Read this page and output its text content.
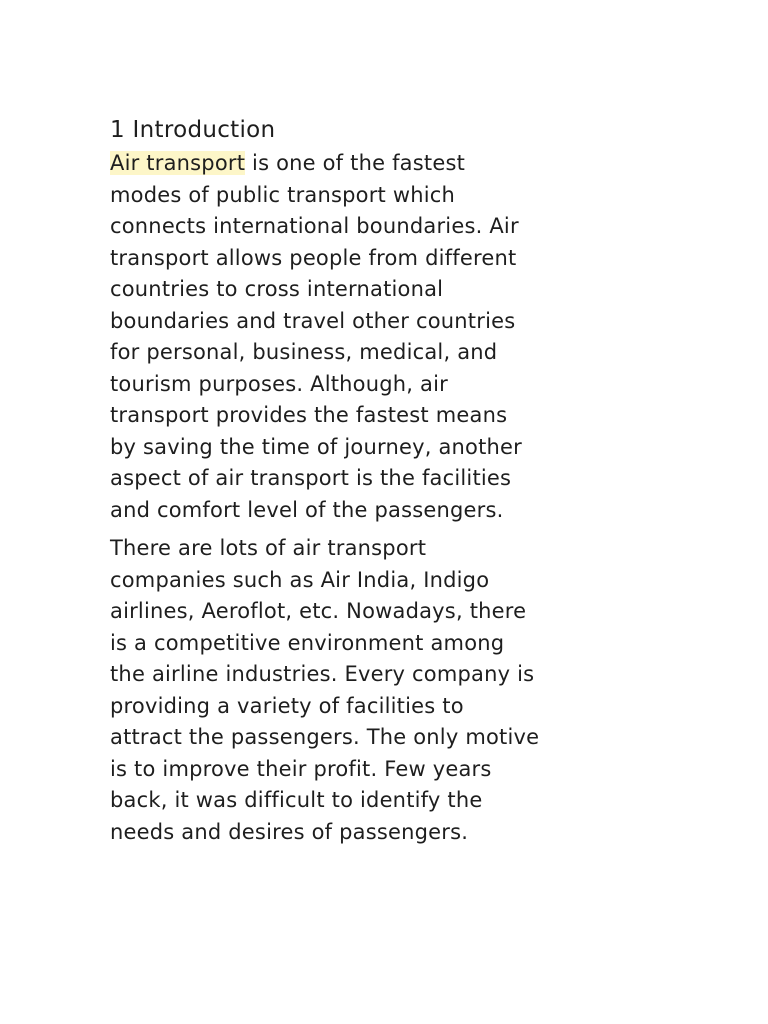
1 Introduction

Air transport is one of the fastest
modes of public transport which
connects international boundaries. Air
transport allows people from different
countries to cross international
boundaries and travel other countries
for personal, business, medical, and
tourism purposes. Although, air
transport provides the fastest means
by saving the time of journey, another
aspect of air transport is the facilities
and comfort level of the passengers.

There are lots of air transport
companies such as Air India, Indigo
airlines, Aeroflot, etc. Nowadays, there
is a competitive environment among
the airline industries. Every company is
providing a variety of facilities to
attract the passengers. The only motive
is to improve their profit. Few years
back, it was difficult to identify the
needs and desires of passengers.
